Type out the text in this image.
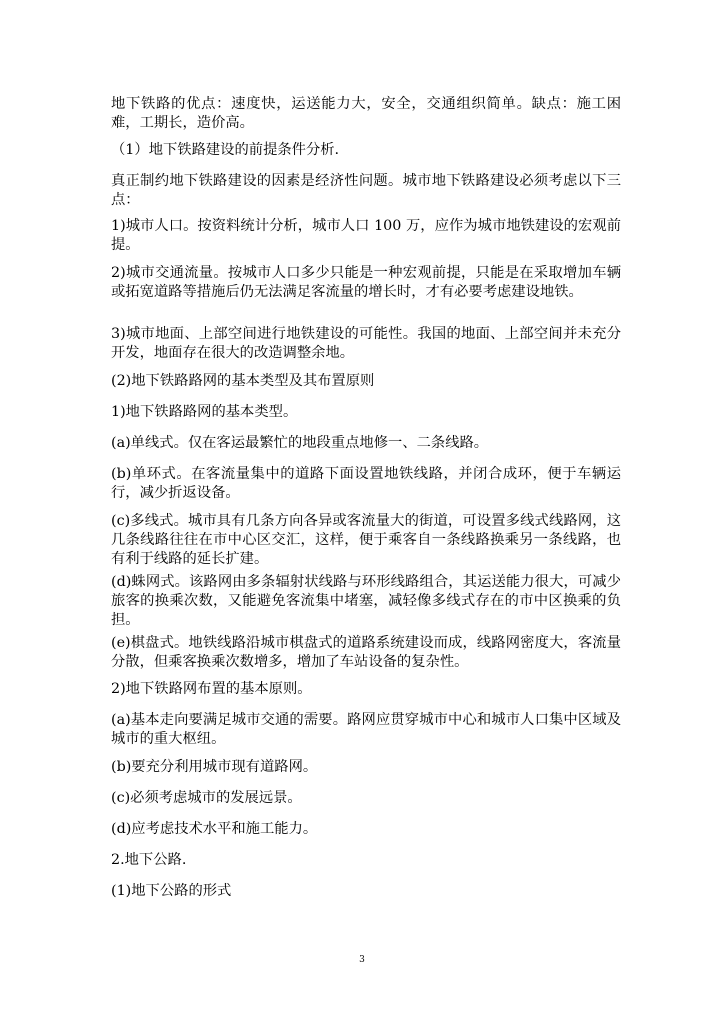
地下铁路的优点：速度快，运送能力大，安全，交通组织简单。缺点：施工困难，工期长，造价高。

（1）地下铁路建设的前提条件分析.

真正制约地下铁路建设的因素是经济性问题。城市地下铁路建设必须考虑以下三点：

1)城市人口。按资料统计分析，城市人口 100 万，应作为城市地铁建设的宏观前提。

2)城市交通流量。按城市人口多少只能是一种宏观前提，只能是在采取增加车辆或拓宽道路等措施后仍无法满足客流量的增长时，才有必要考虑建设地铁。

3)城市地面、上部空间进行地铁建设的可能性。我国的地面、上部空间并未充分开发，地面存在很大的改造调整余地。

(2)地下铁路路网的基本类型及其布置原则

1)地下铁路路网的基本类型。

(a)单线式。仅在客运最繁忙的地段重点地修一、二条线路。

(b)单环式。在客流量集中的道路下面设置地铁线路，并闭合成环，便于车辆运行，减少折返设备。

(c)多线式。城市具有几条方向各异或客流量大的街道，可设置多线式线路网，这几条线路往往在市中心区交汇，这样，便于乘客自一条线路换乘另一条线路，也有利于线路的延长扩建。

(d)蛛网式。该路网由多条辐射状线路与环形线路组合，其运送能力很大，可减少旅客的换乘次数，又能避免客流集中堵塞，减轻像多线式存在的市中区换乘的负担。

(e)棋盘式。地铁线路沿城市棋盘式的道路系统建设而成，线路网密度大，客流量分散，但乘客换乘次数增多，增加了车站设备的复杂性。

2)地下铁路网布置的基本原则。

(a)基本走向要满足城市交通的需要。路网应贯穿城市中心和城市人口集中区域及城市的重大枢纽。

(b)要充分利用城市现有道路网。

(c)必须考虑城市的发展远景。

(d)应考虑技术水平和施工能力。

2.地下公路.

(1)地下公路的形式

3
